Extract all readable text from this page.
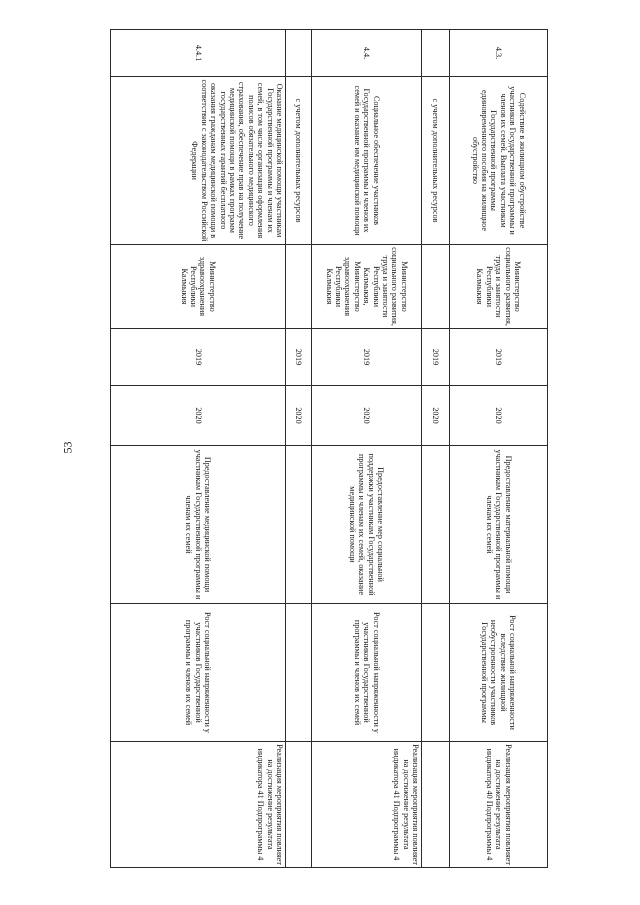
53
4.3.	Содействие в жилищном обустройстве участников Государственной программы и членов их семей. Выплата участникам Государственной программы единовременного пособия на жилищное обустройство	Министерство социального развития, труда и занятости Республики Калмыкия	2019	2020	Предоставление материальной помощи участникам Государственной программы и членам их семей	Рост социальной напряженности вследствие жилищной необустроенности участников Государственной программы	Реализация мероприятия повлияет на достижение результата индикатора 40 Подпрограммы 4
	с учетом дополнительных ресурсов		2019	2020			
4.4.	Социальное обеспечение участников Государственной программы и членов их семей и оказание им медицинской помощи	Министерство социального развития, труда и занятости Республики Калмыкия, Министерство здравоохранения Республики Калмыкия	2019	2020	Предоставление мер социальной поддержки участникам Государственной программы и членам их семей, оказание медицинской помощи	Рост социальной напряженности у участников Государственной программы и членов их семей	Реализация мероприятия повлияет на достижение результата индикатора 41 Подпрограммы 4
	с учетом дополнительных ресурсов		2019	2020			
4.4.1	Оказание медицинской помощи участникам Государственной программы и членам их семей, в том числе организация оформления полисов обязательного медицинского страхования, обеспечение прав на получение медицинской помощи в рамках программ государственных гарантий бесплатного оказания гражданам медицинской помощи в соответствии с законодательством Российской Федерации	Министерство здравоохранения Республики Калмыкия	2019	2020	Предоставление медицинской помощи участникам Государственной программы и членам их семей	Рост социальной напряженности у участников Государственной программы и членов их семей	Реализация мероприятия повлияет на достижение результата индикатора 41 Подпрограммы 4
